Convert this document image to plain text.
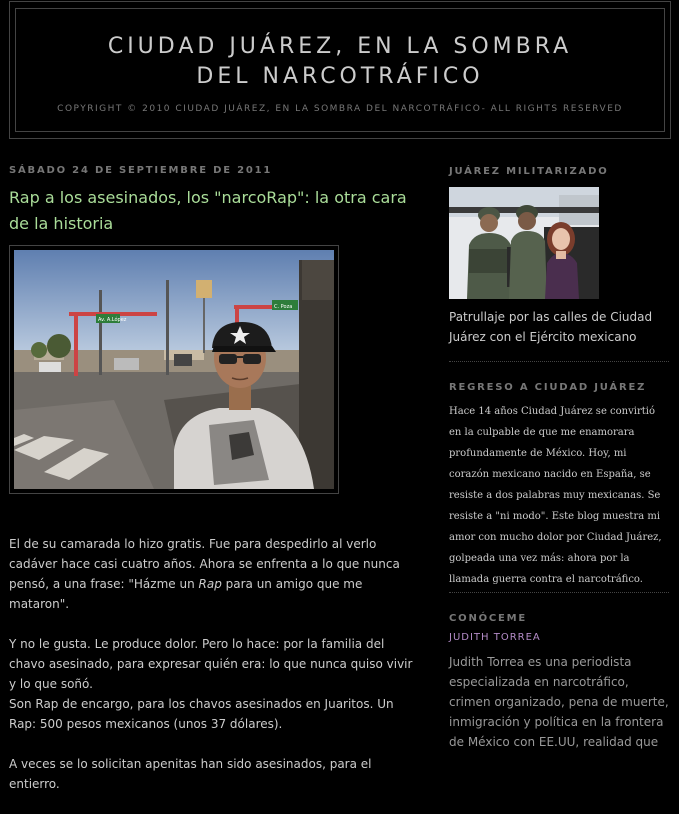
CIUDAD JUÁREZ, EN LA SOMBRA DEL NARCOTRÁFICO
COPYRIGHT © 2010 CIUDAD JUÁREZ, EN LA SOMBRA DEL NARCOTRÁFICO- ALL RIGHTS RESERVED
SÁBADO 24 DE SEPTIEMBRE DE 2011
Rap a los asesinados, los "narcoRap": la otra cara de la historia
Av. A.López
C. Poza

El de su camarada lo hizo gratis. Fue para despedirlo al verlo cadáver hace casi cuatro años. Ahora se enfrenta a lo que nunca pensó, a una frase: "Házme un Rap para un amigo que me mataron".

Y no le gusta. Le produce dolor. Pero lo hace: por la familia del chavo asesinado, para expresar quién era: lo que nunca quiso vivir y lo que soñó.

Son Rap de encargo, para los chavos asesinados en Juaritos. Un Rap: 500 pesos mexicanos (unos 37 dólares).

A veces se lo solicitan apenitas han sido asesinados, para el entierro.

JUÁREZ MILITARIZADO
Patrullaje por las calles de Ciudad Juárez con el Ejército mexicano
REGRESO A CIUDAD JUÁREZ
Hace 14 años Ciudad Juárez se convirtió en la culpable de que me enamorara profundamente de México. Hoy, mi corazón mexicano nacido en España, se resiste a dos palabras muy mexicanas. Se resiste a "ni modo". Este blog muestra mi amor con mucho dolor por Ciudad Juárez, golpeada una vez más: ahora por la llamada guerra contra el narcotráfico.
CONÓCEME
JUDITH TORREA
Judith Torrea es una periodista especializada en narcotráfico, crimen organizado, pena de muerte, inmigración y política en la frontera de México con EE.UU, realidad que
